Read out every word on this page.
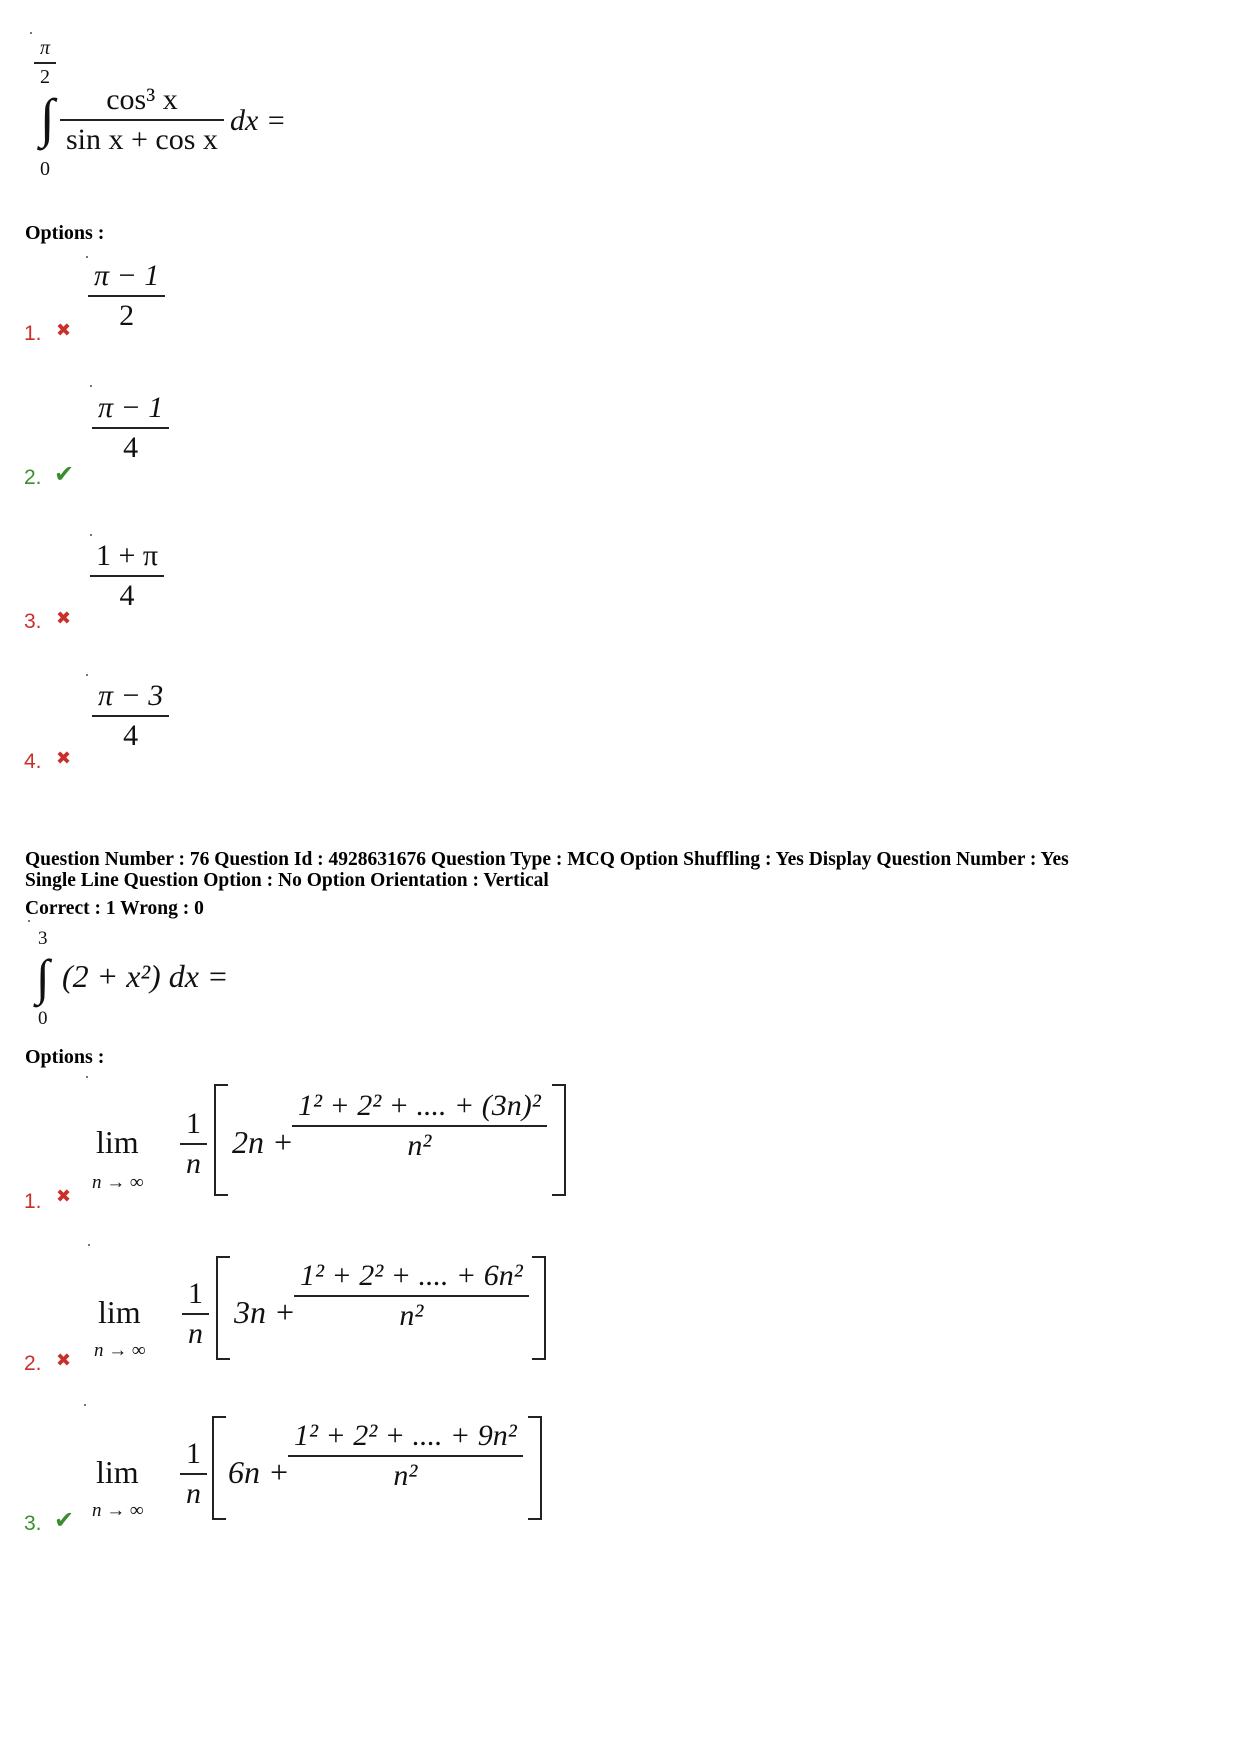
π
2
∫
0
cos³ x
sin x + cos x
dx =
Options :
1. ✖
π − 1
2
2. ✔
π − 1
4
3. ✖
1 + π
4
4. ✖
π − 3
4
Question Number : 76 Question Id : 4928631676 Question Type : MCQ Option Shuffling : Yes Display Question Number : Yes
Single Line Question Option : No Option Orientation : Vertical
Correct : 1 Wrong : 0
3
∫
0
(2 + x²) dx =
Options :
1. ✖
lim
n → ∞
1
n
2n +
1² + 2² + .... + (3n)²
n²
2. ✖
lim
n → ∞
1
n
3n +
1² + 2² + .... + 6n²
n²
3. ✔
lim
n → ∞
1
n
6n +
1² + 2² + .... + 9n²
n²
